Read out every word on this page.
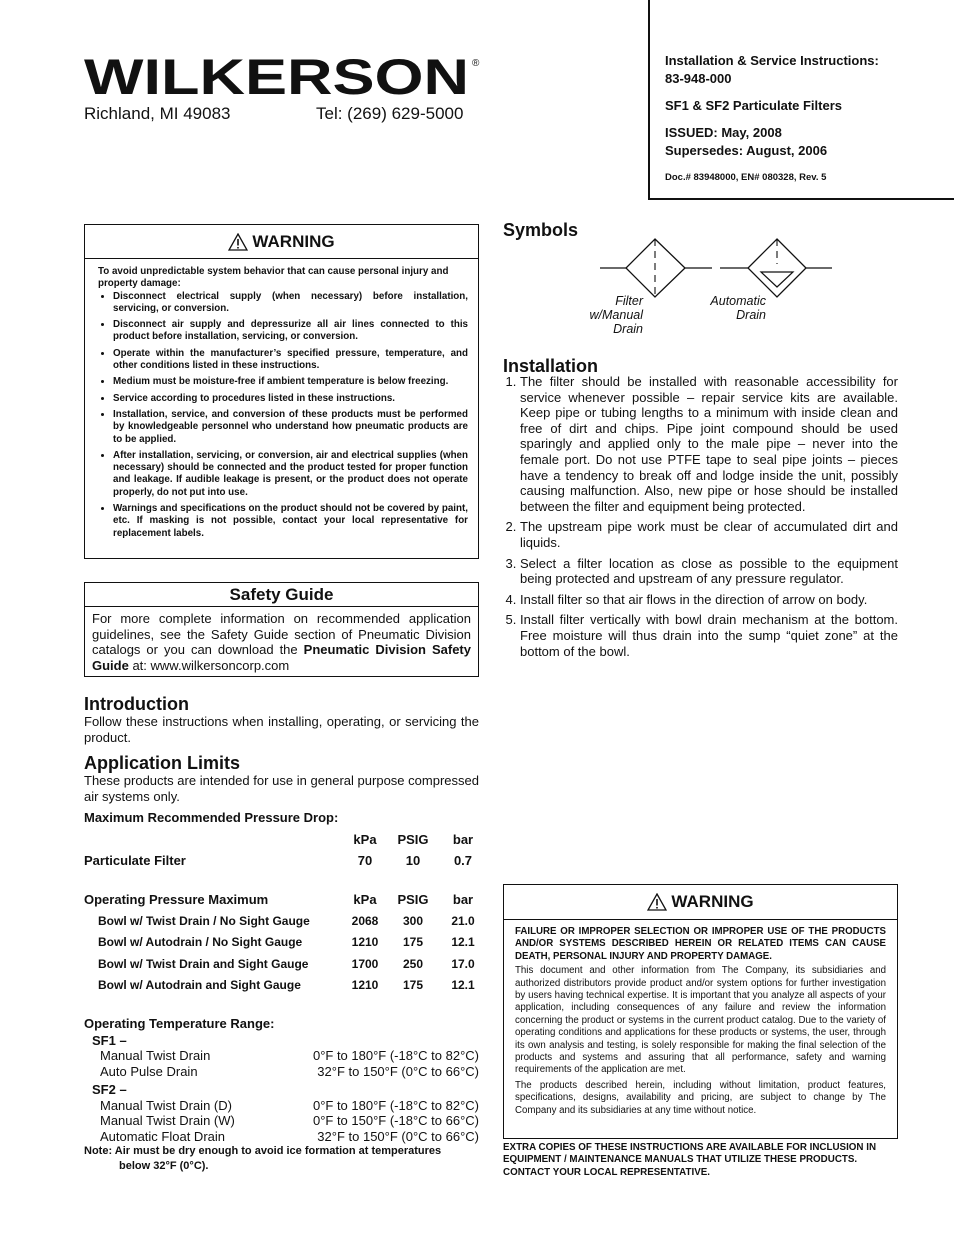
WILKERSON ®
Richland, MI 49083	Tel: (269) 629-5000

Installation & Service Instructions:
83-948-000

SF1 & SF2 Particulate Filters

ISSUED: May, 2008
Supersedes: August, 2006

Doc.# 83948000, EN# 080328, Rev. 5

WARNING
To avoid unpredictable system behavior that can cause personal injury and property damage:
• Disconnect electrical supply (when necessary) before installation, servicing, or conversion.
• Disconnect air supply and depressurize all air lines connected to this product before installation, servicing, or conversion.
• Operate within the manufacturer’s specified pressure, temperature, and other conditions listed in these instructions.
• Medium must be moisture-free if ambient temperature is below freezing.
• Service according to procedures listed in these instructions.
• Installation, service, and conversion of these products must be performed by knowledgeable personnel who understand how pneumatic products are to be applied.
• After installation, servicing, or conversion, air and electrical supplies (when necessary) should be connected and the product tested for proper function and leakage. If audible leakage is present, or the product does not operate properly, do not put into use.
• Warnings and specifications on the product should not be covered by paint, etc. If masking is not possible, contact your local representative for replacement labels.
Safety Guide
For more complete information on recommended application guidelines, see the Safety Guide section of Pneumatic Division catalogs or you can download the Pneumatic Division Safety Guide at: www.wilkersoncorp.com
Introduction
Follow these instructions when installing, operating, or servicing the product.
Application Limits
These products are intended for use in general purpose compressed air systems only.
Maximum Recommended Pressure Drop:
kPa	PSIG	bar
Particulate Filter	70	10	0.7
Operating Pressure Maximum	kPa	PSIG	bar
Bowl w/ Twist Drain / No Sight Gauge	2068	300	21.0
Bowl w/ Autodrain / No Sight Gauge	1210	175	12.1
Bowl w/ Twist Drain and Sight Gauge	1700	250	17.0
Bowl w/ Autodrain and Sight Gauge	1210	175	12.1
Operating Temperature Range:
SF1 –
Manual Twist Drain	0°F to 180°F (-18°C to 82°C)
Auto Pulse Drain	32°F to 150°F (0°C to 66°C)
SF2 –
Manual Twist Drain (D)	0°F to 180°F (-18°C to 82°C)
Manual Twist Drain (W)	0°F to 150°F (-18°C to 66°C)
Automatic Float Drain	32°F to 150°F (0°C to 66°C)
Note: Air must be dry enough to avoid ice formation at temperatures
below 32°F (0°C).
Symbols
Filter
w/Manual
Drain
Automatic
Drain
Installation
1. The filter should be installed with reasonable accessibility for service whenever possible – repair service kits are available. Keep pipe or tubing lengths to a minimum with inside clean and free of dirt and chips. Pipe joint compound should be used sparingly and applied only to the male pipe – never into the female port. Do not use PTFE tape to seal pipe joints – pieces have a tendency to break off and lodge inside the unit, possibly causing malfunction. Also, new pipe or hose should be installed between the filter and equipment being protected.
2. The upstream pipe work must be clear of accumulated dirt and liquids.
3. Select a filter location as close as possible to the equipment being protected and upstream of any pressure regulator.
4. Install filter so that air flows in the direction of arrow on body.
5. Install filter vertically with bowl drain mechanism at the bottom. Free moisture will thus drain into the sump “quiet zone” at the bottom of the bowl.
WARNING
FAILURE OR IMPROPER SELECTION OR IMPROPER USE OF THE PRODUCTS AND/OR SYSTEMS DESCRIBED HEREIN OR RELATED ITEMS CAN CAUSE DEATH, PERSONAL INJURY AND PROPERTY DAMAGE.
This document and other information from The Company, its subsidiaries and authorized distributors provide product and/or system options for further investigation by users having technical expertise. It is important that you analyze all aspects of your application, including consequences of any failure and review the information concerning the product or systems in the current product catalog. Due to the variety of operating conditions and applications for these products or systems, the user, through its own analysis and testing, is solely responsible for making the final selection of the products and systems and assuring that all performance, safety and warning requirements of the application are met.
The products described herein, including without limitation, product features, specifications, designs, availability and pricing, are subject to change by The Company and its subsidiaries at any time without notice.
EXTRA COPIES OF THESE INSTRUCTIONS ARE AVAILABLE FOR INCLUSION IN EQUIPMENT / MAINTENANCE MANUALS THAT UTILIZE THESE PRODUCTS. CONTACT YOUR LOCAL REPRESENTATIVE.
